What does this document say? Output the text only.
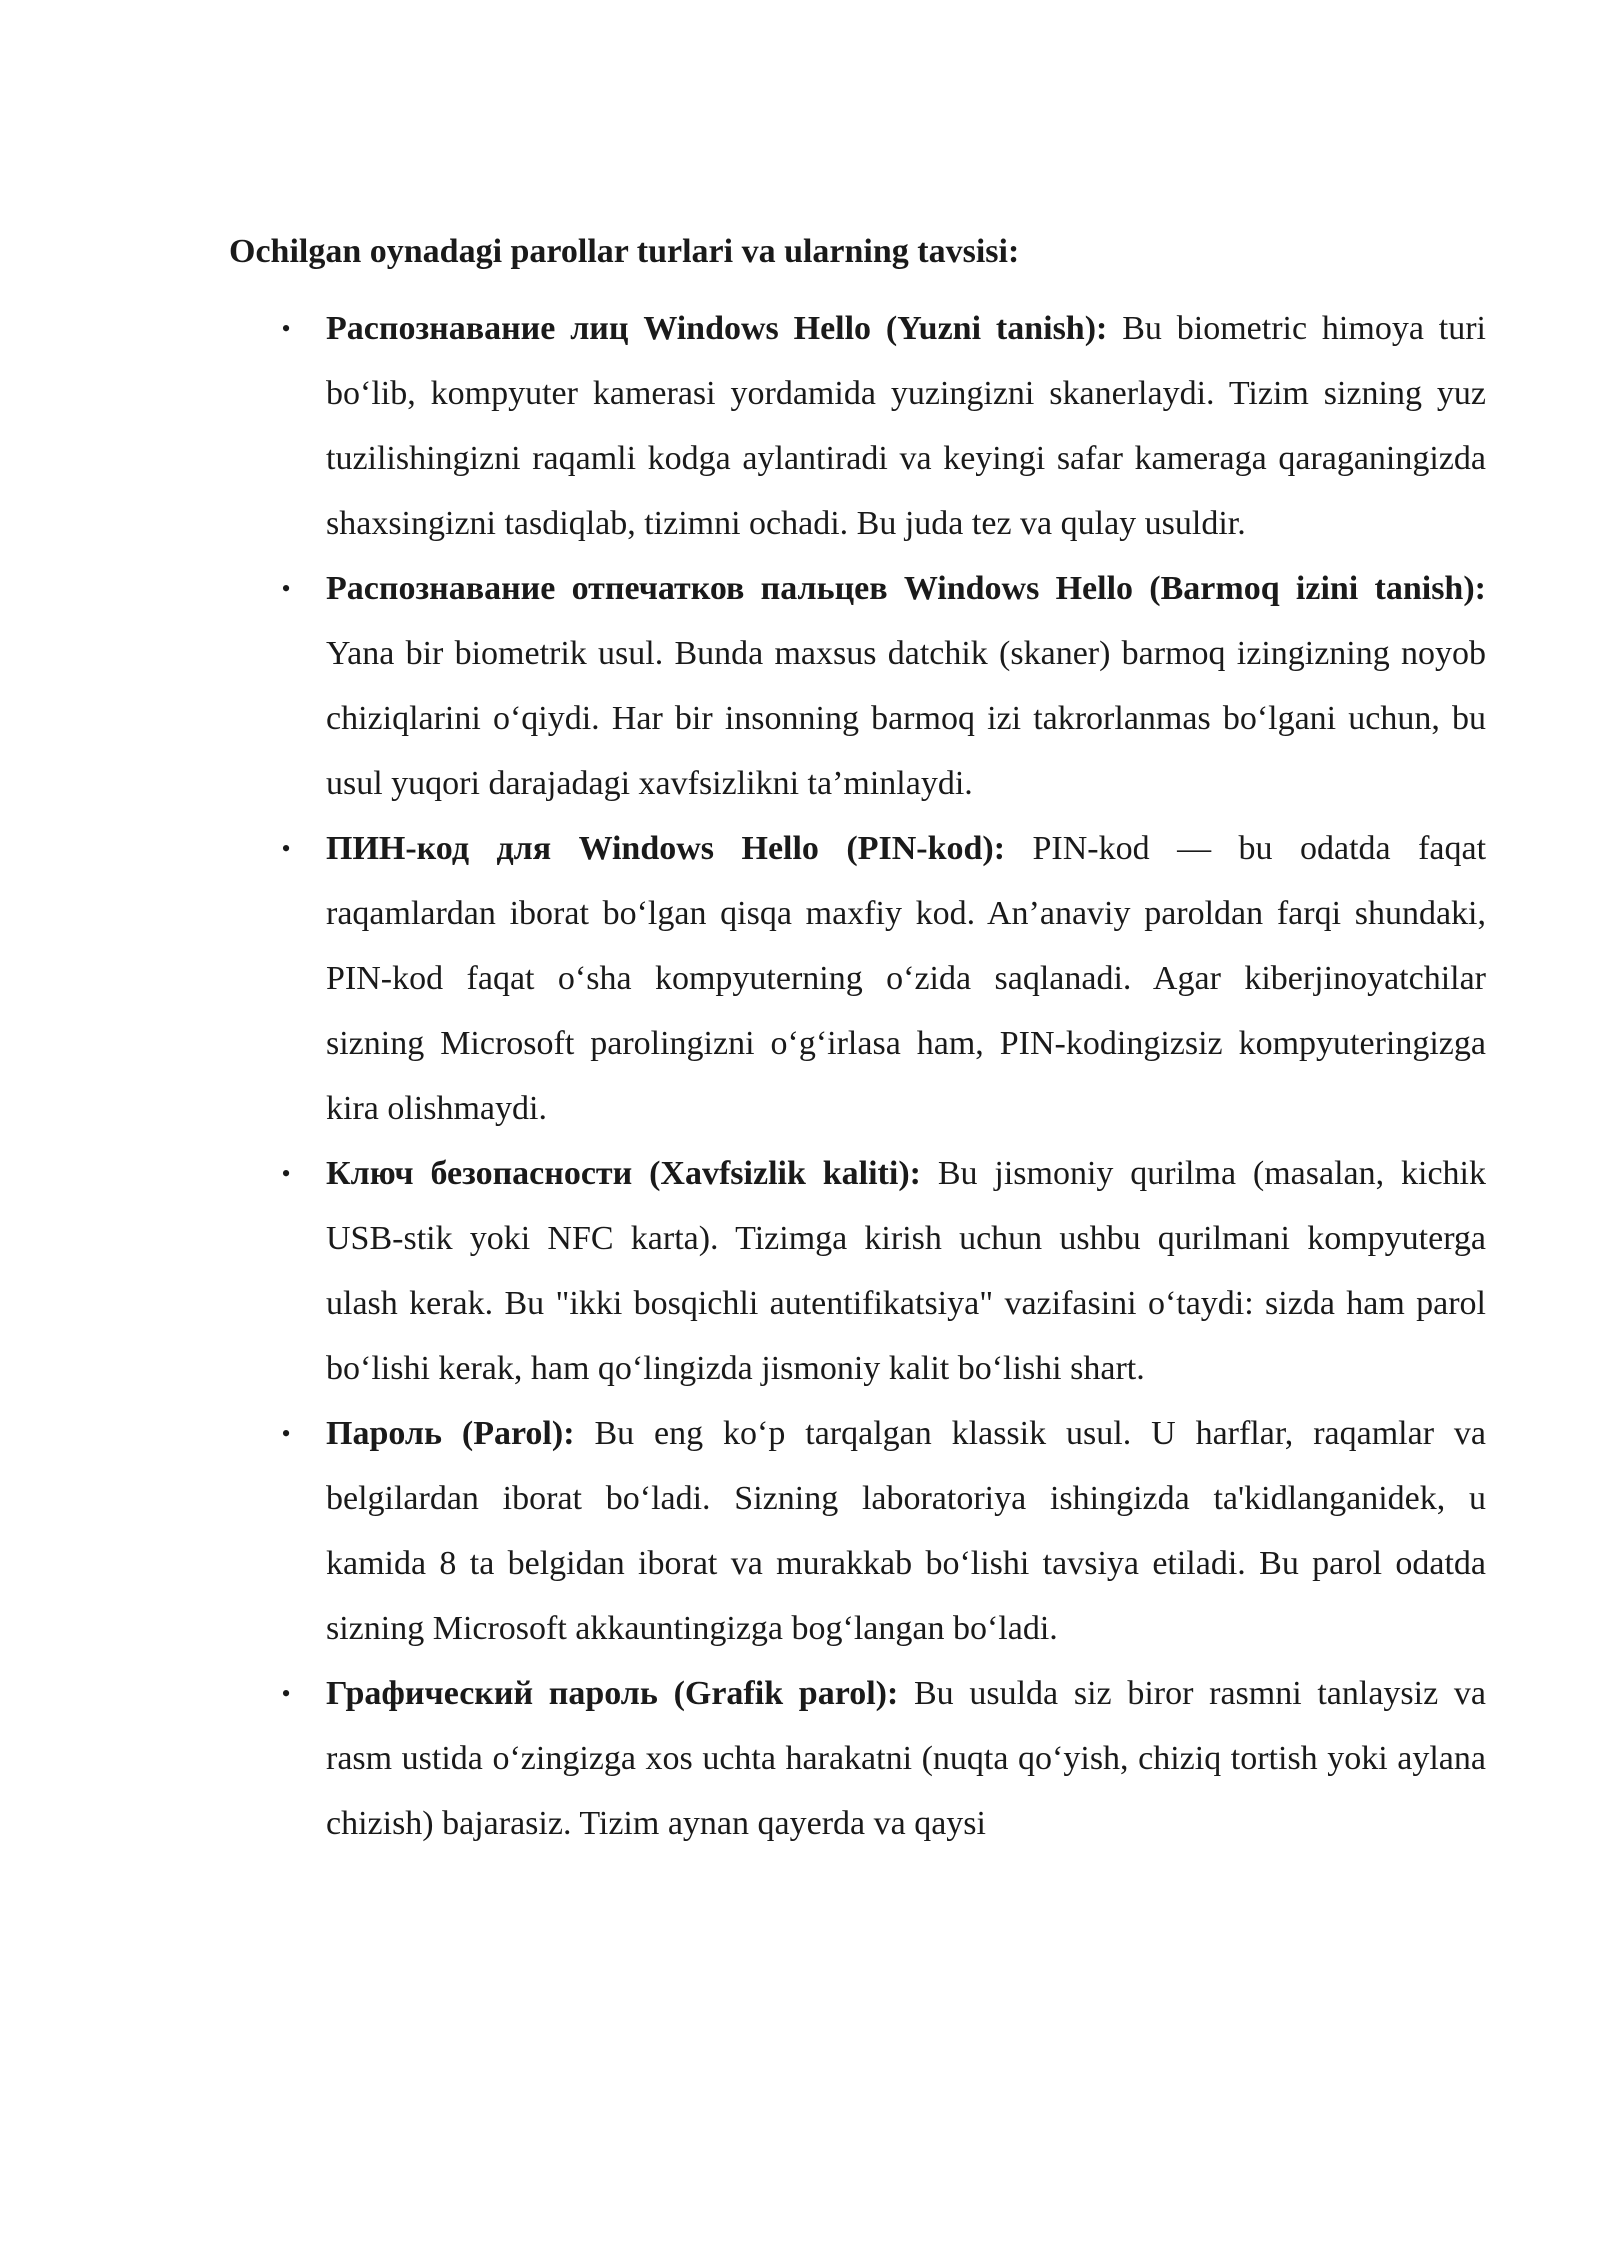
Ochilgan oynadagi parollar turlari va ularning tavsisi:
• Распознавание лиц Windows Hello (Yuzni tanish): Bu biometric himoya turi bo‘lib, kompyuter kamerasi yordamida yuzingizni skanerlaydi. Tizim sizning yuz tuzilishingizni raqamli kodga aylantiradi va keyingi safar kameraga qaraganingizda shaxsingizni tasdiqlab, tizimni ochadi. Bu juda tez va qulay usuldir.
• Распознавание отпечатков пальцев Windows Hello (Barmoq izini tanish): Yana bir biometrik usul. Bunda maxsus datchik (skaner) barmoq izingizning noyob chiziqlarini o‘qiydi. Har bir insonning barmoq izi takrorlanmas bo‘lgani uchun, bu usul yuqori darajadagi xavfsizlikni ta’minlaydi.
• ПИН-код для Windows Hello (PIN-kod): PIN-kod — bu odatda faqat raqamlardan iborat bo‘lgan qisqa maxfiy kod. An’anaviy paroldan farqi shundaki, PIN-kod faqat o‘sha kompyuterning o‘zida saqlanadi. Agar kiberjinoyatchilar sizning Microsoft parolingizni o‘g‘irlasa ham, PIN-kodingizsiz kompyuteringizga kira olishmaydi.
• Ключ безопасности (Xavfsizlik kaliti): Bu jismoniy qurilma (masalan, kichik USB-stik yoki NFC karta). Tizimga kirish uchun ushbu qurilmani kompyuterga ulash kerak. Bu "ikki bosqichli autentifikatsiya" vazifasini o‘taydi: sizda ham parol bo‘lishi kerak, ham qo‘lingizda jismoniy kalit bo‘lishi shart.
• Пароль (Parol): Bu eng ko‘p tarqalgan klassik usul. U harflar, raqamlar va belgilardan iborat bo‘ladi. Sizning laboratoriya ishingizda ta'kidlanganidek, u kamida 8 ta belgidan iborat va murakkab bo‘lishi tavsiya etiladi. Bu parol odatda sizning Microsoft akkauntingizga bog‘langan bo‘ladi.
• Графический пароль (Grafik parol): Bu usulda siz biror rasmni tanlaysiz va rasm ustida o‘zingizga xos uchta harakatni (nuqta qo‘yish, chiziq tortish yoki aylana chizish) bajarasiz. Tizim aynan qayerda va qaysi
